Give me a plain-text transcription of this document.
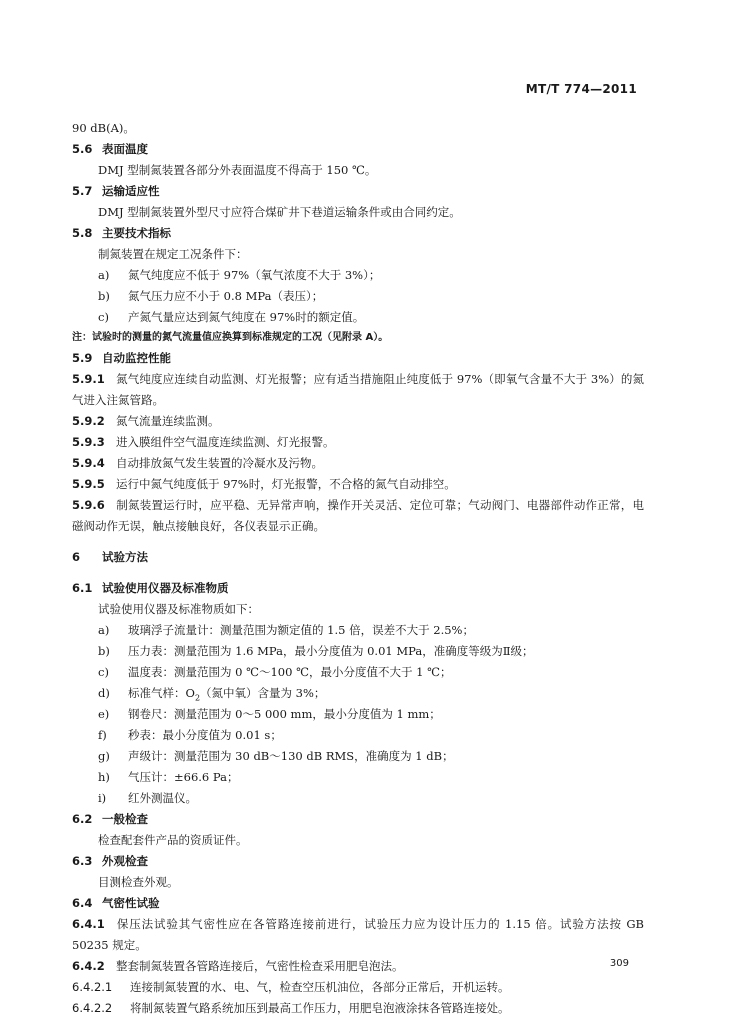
MT/T 774—2011
90 dB(A)。
5.6 表面温度
DMJ 型制氮装置各部分外表面温度不得高于 150 ℃。
5.7 运输适应性
DMJ 型制氮装置外型尺寸应符合煤矿井下巷道运输条件或由合同约定。
5.8 主要技术指标
制氮装置在规定工况条件下：
a) 氮气纯度应不低于 97%（氧气浓度不大于 3%）；
b) 氮气压力应不小于 0.8 MPa（表压）；
c) 产氮气量应达到氮气纯度在 97%时的额定值。
注：试验时的测量的氮气流量值应换算到标准规定的工况（见附录 A）。
5.9 自动监控性能
5.9.1 氮气纯度应连续自动监测、灯光报警；应有适当措施阻止纯度低于 97%（即氧气含量不大于 3%）的氮气进入注氮管路。
5.9.2 氮气流量连续监测。
5.9.3 进入膜组件空气温度连续监测、灯光报警。
5.9.4 自动排放氮气发生装置的冷凝水及污物。
5.9.5 运行中氮气纯度低于 97%时，灯光报警，不合格的氮气自动排空。
5.9.6 制氮装置运行时，应平稳、无异常声响，操作开关灵活、定位可靠；气动阀门、电器部件动作正常，电磁阀动作无误，触点接触良好，各仪表显示正确。
6 试验方法
6.1 试验使用仪器及标准物质
试验使用仪器及标准物质如下：
a) 玻璃浮子流量计：测量范围为额定值的 1.5 倍，误差不大于 2.5%；
b) 压力表：测量范围为 1.6 MPa，最小分度值为 0.01 MPa，准确度等级为Ⅱ级；
c) 温度表：测量范围为 0 ℃～100 ℃，最小分度值不大于 1 ℃；
d) 标准气样：$O_2$（氮中氧）含量为 3%；
e) 钢卷尺：测量范围为 0～5 000 mm，最小分度值为 1 mm；
f) 秒表：最小分度值为 0.01 s；
g) 声级计：测量范围为 30 dB～130 dB RMS，准确度为 1 dB；
h) 气压计：±66.6 Pa；
i) 红外测温仪。
6.2 一般检查
检查配套件产品的资质证件。
6.3 外观检查
目测检查外观。
6.4 气密性试验
6.4.1 保压法试验其气密性应在各管路连接前进行，试验压力应为设计压力的 1.15 倍。试验方法按 GB 50235 规定。
6.4.2 整套制氮装置各管路连接后，气密性检查采用肥皂泡法。
6.4.2.1 连接制氮装置的水、电、气，检查空压机油位，各部分正常后，开机运转。
6.4.2.2 将制氮装置气路系统加压到最高工作压力，用肥皂泡液涂抹各管路连接处。
309
